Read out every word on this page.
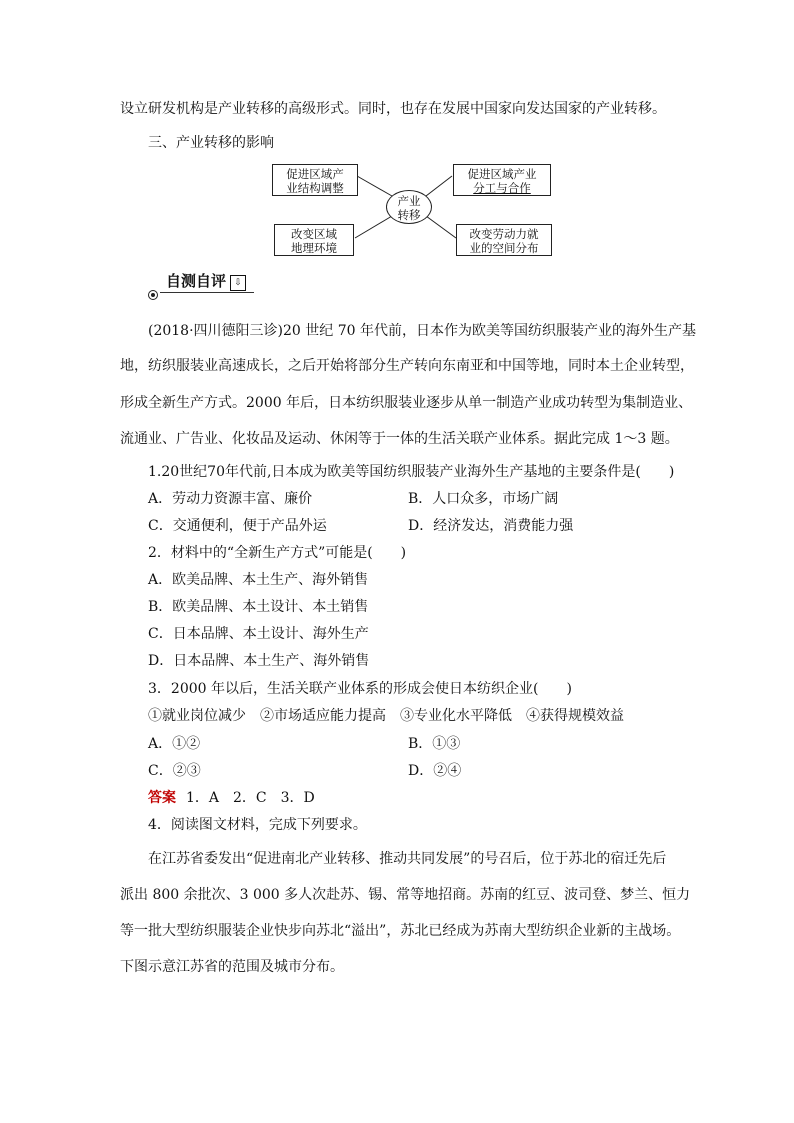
设立研发机构是产业转移的高级形式。同时，也存在发展中国家向发达国家的产业转移。
三、产业转移的影响
促进区域产
业结构调整
促进区域产业
分工与合作
产业
转移
改变区域
地理环境
改变劳动力就
业的空间分布
自测自评 ⇩
(2018·四川德阳三诊)20 世纪 70 年代前，日本作为欧美等国纺织服装产业的海外生产基
地，纺织服装业高速成长，之后开始将部分生产转向东南亚和中国等地，同时本土企业转型，
形成全新生产方式。2000 年后，日本纺织服装业逐步从单一制造产业成功转型为集制造业、
流通业、广告业、化妆品及运动、休闲等于一体的生活关联产业体系。据此完成 1～3 题。
1.20世纪70年代前,日本成为欧美等国纺织服装产业海外生产基地的主要条件是(　　)
A．劳动力资源丰富、廉价	B．人口众多，市场广阔
C．交通便利，便于产品外运	D．经济发达，消费能力强
2．材料中的“全新生产方式”可能是(　　)
A．欧美品牌、本土生产、海外销售
B．欧美品牌、本土设计、本土销售
C．日本品牌、本土设计、海外生产
D．日本品牌、本土生产、海外销售
3．2000 年以后，生活关联产业体系的形成会使日本纺织企业(　　)
①就业岗位减少　②市场适应能力提高　③专业化水平降低　④获得规模效益
A．①②	B．①③
C．②③	D．②④
答案 1．A　2．C　3．D
4．阅读图文材料，完成下列要求。
在江苏省委发出“促进南北产业转移、推动共同发展”的号召后，位于苏北的宿迁先后
派出 800 余批次、3 000 多人次赴苏、锡、常等地招商。苏南的红豆、波司登、梦兰、恒力
等一批大型纺织服装企业快步向苏北“溢出”，苏北已经成为苏南大型纺织企业新的主战场。
下图示意江苏省的范围及城市分布。
